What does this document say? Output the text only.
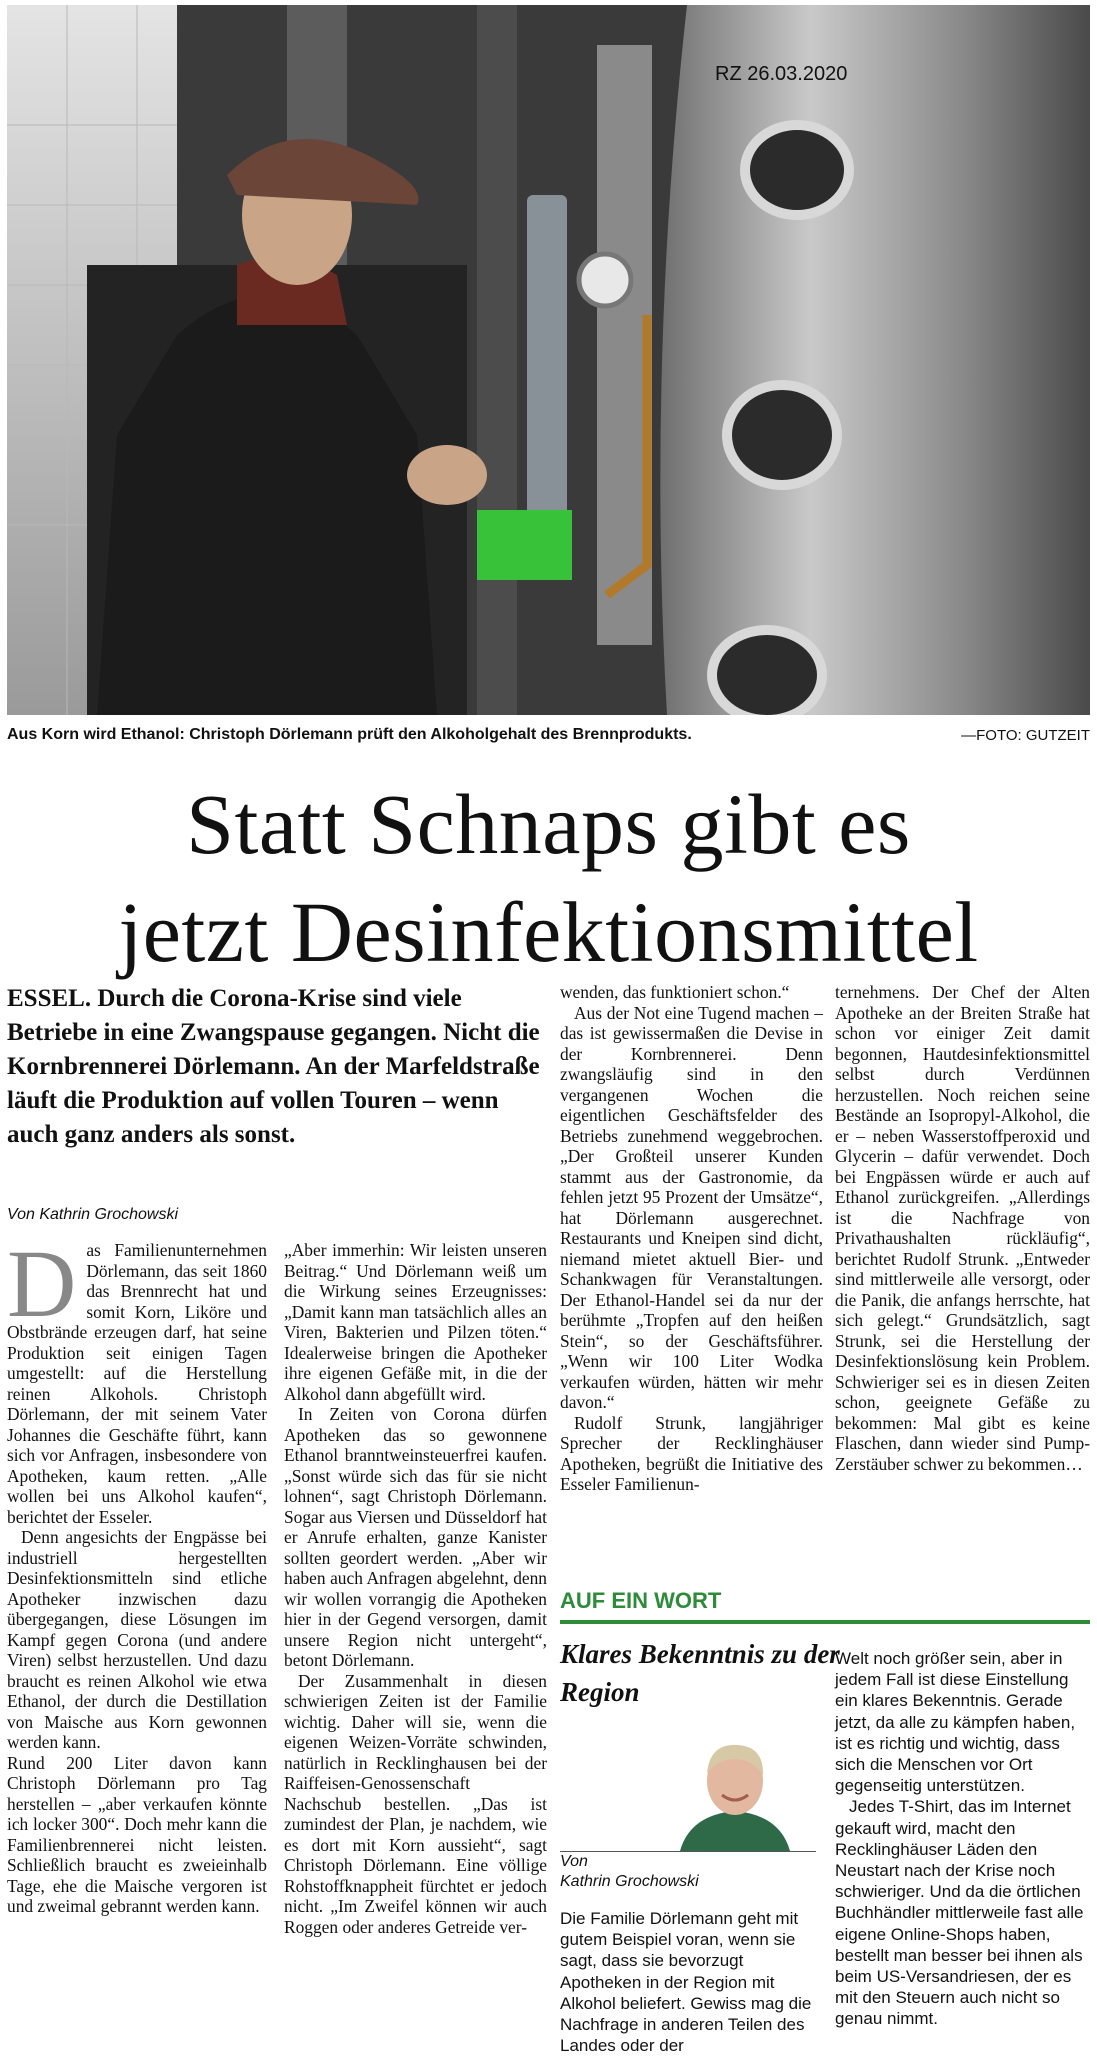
RZ 26.03.2020
Aus Korn wird Ethanol: Christoph Dörlemann prüft den Alkoholgehalt des Brennprodukts.	—FOTO: GUTZEIT
Statt Schnaps gibt es
jetzt Desinfektionsmittel
ESSEL. Durch die Corona-Krise sind viele Betriebe in eine Zwangspause gegangen. Nicht die Kornbrennerei Dörlemann. An der Marfeldstraße läuft die Produktion auf vollen Touren – wenn auch ganz anders als sonst.
Von Kathrin Grochowski
D as Familienunternehmen Dörlemann, das seit 1860 das Brennrecht hat und somit Korn, Liköre und Obstbrände erzeugen darf, hat seine Produktion seit einigen Tagen umgestellt: auf die Herstellung reinen Alkohols. Christoph Dörlemann, der mit seinem Vater Johannes die Geschäfte führt, kann sich vor Anfragen, insbesondere von Apotheken, kaum retten. „Alle wollen bei uns Alkohol kaufen“, berichtet der Esseler.

Denn angesichts der Engpässe bei industriell hergestellten Desinfektionsmitteln sind etliche Apotheker inzwischen dazu übergegangen, diese Lösungen im Kampf gegen Corona (und andere Viren) selbst herzustellen. Und dazu braucht es reinen Alkohol wie etwa Ethanol, der durch die Destillation von Maische aus Korn gewonnen werden kann.

Rund 200 Liter davon kann Christoph Dörlemann pro Tag herstellen – „aber verkaufen könnte ich locker 300“. Doch mehr kann die Familienbrennerei nicht leisten. Schließlich braucht es zweieinhalb Tage, ehe die Maische vergoren ist und zweimal gebrannt werden kann.

„Aber immerhin: Wir leisten unseren Beitrag.“ Und Dörlemann weiß um die Wirkung seines Erzeugnisses: „Damit kann man tatsächlich alles an Viren, Bakterien und Pilzen töten.“ Idealerweise bringen die Apotheker ihre eigenen Gefäße mit, in die der Alkohol dann abgefüllt wird.

In Zeiten von Corona dürfen Apotheken das so gewonnene Ethanol branntweinsteuerfrei kaufen. „Sonst würde sich das für sie nicht lohnen“, sagt Christoph Dörlemann. Sogar aus Viersen und Düsseldorf hat er Anrufe erhalten, ganze Kanister sollten geordert werden. „Aber wir haben auch Anfragen abgelehnt, denn wir wollen vorrangig die Apotheken hier in der Gegend versorgen, damit unsere Region nicht untergeht“, betont Dörlemann.

Der Zusammenhalt in diesen schwierigen Zeiten ist der Familie wichtig. Daher will sie, wenn die eigenen Weizen-Vorräte schwinden, natürlich in Recklinghausen bei der Raiffeisen-Genossenschaft Nachschub bestellen. „Das ist zumindest der Plan, je nachdem, wie es dort mit Korn aussieht“, sagt Christoph Dörlemann. Eine völlige Rohstoffknappheit fürchtet er jedoch nicht. „Im Zweifel können wir auch Roggen oder anderes Getreide ver-

wenden, das funktioniert schon.“

Aus der Not eine Tugend machen – das ist gewissermaßen die Devise in der Kornbrennerei. Denn zwangsläufig sind in den vergangenen Wochen die eigentlichen Geschäftsfelder des Betriebs zunehmend weggebrochen. „Der Großteil unserer Kunden stammt aus der Gastronomie, da fehlen jetzt 95 Prozent der Umsätze“, hat Dörlemann ausgerechnet. Restaurants und Kneipen sind dicht, niemand mietet aktuell Bier- und Schankwagen für Veranstaltungen. Der Ethanol-Handel sei da nur der berühmte „Tropfen auf den heißen Stein“, so der Geschäftsführer. „Wenn wir 100 Liter Wodka verkaufen würden, hätten wir mehr davon.“

Rudolf Strunk, langjähriger Sprecher der Recklinghäuser Apotheken, begrüßt die Initiative des Esseler Familienun-

ternehmens. Der Chef der Alten Apotheke an der Breiten Straße hat schon vor einiger Zeit damit begonnen, Hautdesinfektionsmittel selbst durch Verdünnen herzustellen. Noch reichen seine Bestände an Isopropyl-Alkohol, die er – neben Wasserstoffperoxid und Glycerin – dafür verwendet. Doch bei Engpässen würde er auch auf Ethanol zurückgreifen. „Allerdings ist die Nachfrage von Privathaushalten rückläufig“, berichtet Rudolf Strunk. „Entweder sind mittlerweile alle versorgt, oder die Panik, die anfangs herrschte, hat sich gelegt.“ Grundsätzlich, sagt Strunk, sei die Herstellung der Desinfektionslösung kein Problem. Schwieriger sei es in diesen Zeiten schon, geeignete Gefäße zu bekommen: Mal gibt es keine Flaschen, dann wieder sind Pump-Zerstäuber schwer zu bekommen…

AUF EIN WORT
Klares Bekenntnis zu der Region
Von
Kathrin Grochowski

Die Familie Dörlemann geht mit gutem Beispiel voran, wenn sie sagt, dass sie bevorzugt Apotheken in der Region mit Alkohol beliefert. Gewiss mag die Nachfrage in anderen Teilen des Landes oder der

Welt noch größer sein, aber in jedem Fall ist diese Einstellung ein klares Bekenntnis. Gerade jetzt, da alle zu kämpfen haben, ist es richtig und wichtig, dass sich die Menschen vor Ort gegenseitig unterstützen.

Jedes T-Shirt, das im Internet gekauft wird, macht den Recklinghäuser Läden den Neustart nach der Krise noch schwieriger. Und da die örtlichen Buchhändler mittlerweile fast alle eigene Online-Shops haben, bestellt man besser bei ihnen als beim US-Versandriesen, der es mit den Steuern auch nicht so genau nimmt.
